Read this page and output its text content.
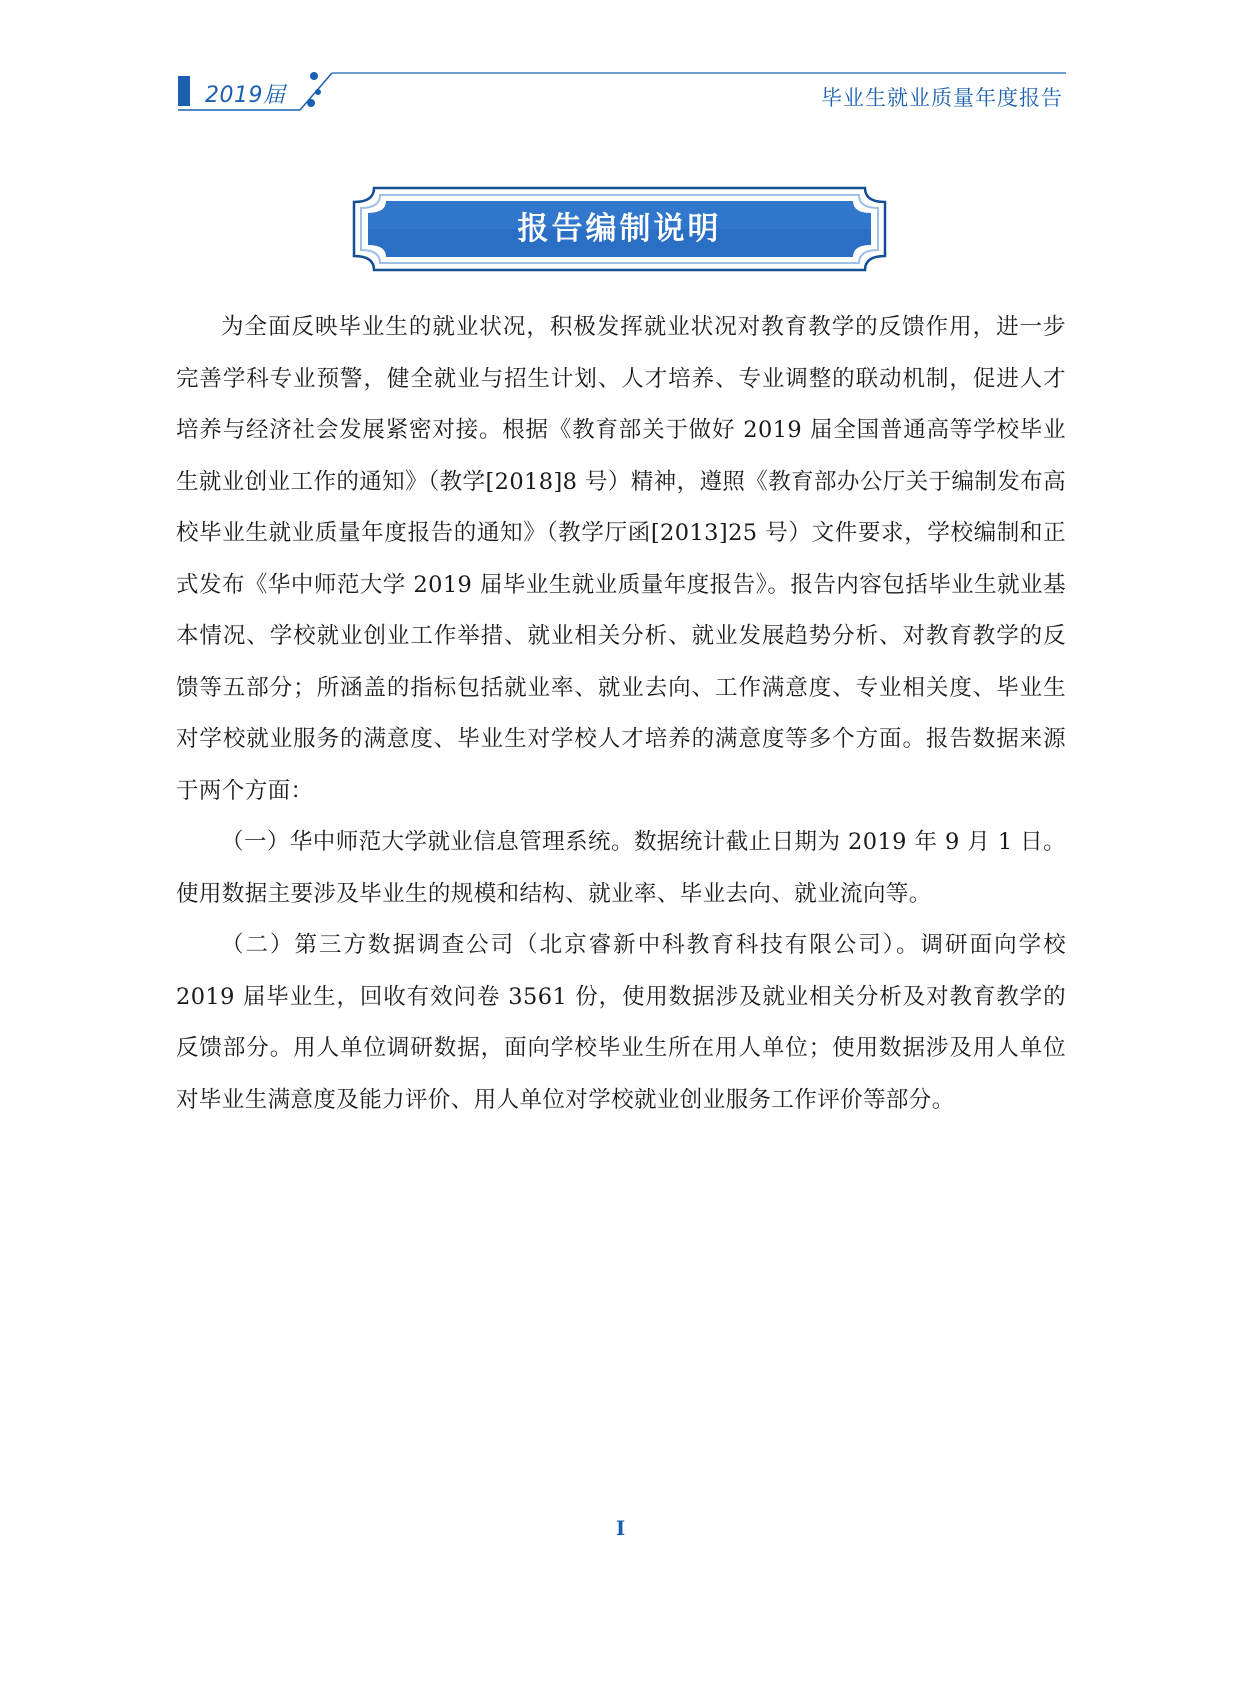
2019届	毕业生就业质量年度报告
报告编制说明

为全面反映毕业生的就业状况，积极发挥就业状况对教育教学的反馈作用，进一步完善学科专业预警，健全就业与招生计划、人才培养、专业调整的联动机制，促进人才培养与经济社会发展紧密对接。根据《教育部关于做好 2019 届全国普通高等学校毕业生就业创业工作的通知》（教学[2018]8 号）精神，遵照《教育部办公厅关于编制发布高校毕业生就业质量年度报告的通知》（教学厅函[2013]25 号）文件要求，学校编制和正式发布《华中师范大学 2019 届毕业生就业质量年度报告》。报告内容包括毕业生就业基本情况、学校就业创业工作举措、就业相关分析、就业发展趋势分析、对教育教学的反馈等五部分；所涵盖的指标包括就业率、就业去向、工作满意度、专业相关度、毕业生对学校就业服务的满意度、毕业生对学校人才培养的满意度等多个方面。报告数据来源于两个方面：

（一）华中师范大学就业信息管理系统。数据统计截止日期为 2019 年 9 月 1 日。使用数据主要涉及毕业生的规模和结构、就业率、毕业去向、就业流向等。

（二）第三方数据调查公司（北京睿新中科教育科技有限公司）。调研面向学校 2019 届毕业生，回收有效问卷 3561 份，使用数据涉及就业相关分析及对教育教学的反馈部分。用人单位调研数据，面向学校毕业生所在用人单位；使用数据涉及用人单位对毕业生满意度及能力评价、用人单位对学校就业创业服务工作评价等部分。

I
